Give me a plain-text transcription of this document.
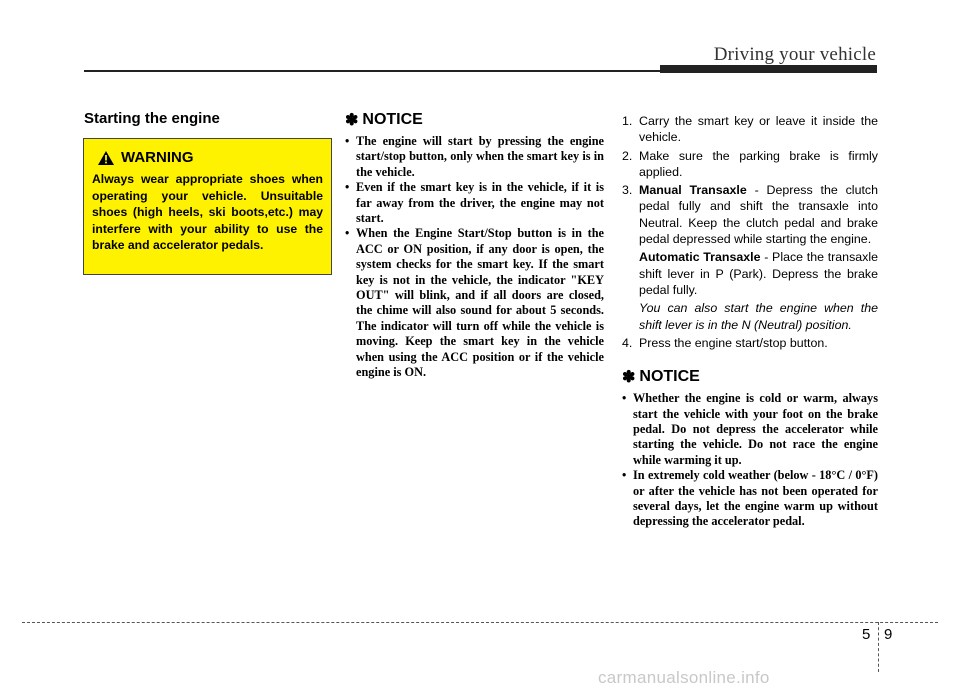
Driving your vehicle
Starting the engine
WARNING
Always wear appropriate shoes when operating your vehicle. Unsuitable shoes (high heels, ski boots,etc.) may interfere with your ability to use the brake and accelerator pedals.
✽ NOTICE
• The engine will start by pressing the engine start/stop button, only when the smart key is in the vehicle.
• Even if the smart key is in the vehicle, if it is far away from the driver, the engine may not start.
• When the Engine Start/Stop button is in the ACC or ON position, if any door is open, the system checks for the smart key. If the smart key is not in the vehicle, the indicator "KEY OUT" will blink, and if all doors are closed, the chime will also sound for about 5 seconds. The indicator will turn off while the vehicle is moving. Keep the smart key in the vehicle when using the ACC position or if the vehicle engine is ON.
1. Carry the smart key or leave it inside the vehicle.
2. Make sure the parking brake is firmly applied.
3. Manual Transaxle - Depress the clutch pedal fully and shift the transaxle into Neutral. Keep the clutch pedal and brake pedal depressed while starting the engine.
Automatic Transaxle - Place the transaxle shift lever in P (Park). Depress the brake pedal fully.
You can also start the engine when the shift lever is in the N (Neutral) position.
4. Press the engine start/stop button.
✽ NOTICE
• Whether the engine is cold or warm, always start the vehicle with your foot on the brake pedal. Do not depress the accelerator while starting the vehicle. Do not race the engine while warming it up.
• In extremely cold weather (below - 18°C / 0°F) or after the vehicle has not been operated for several days, let the engine warm up without depressing the accelerator pedal.
5 9
carmanualsonline.info
